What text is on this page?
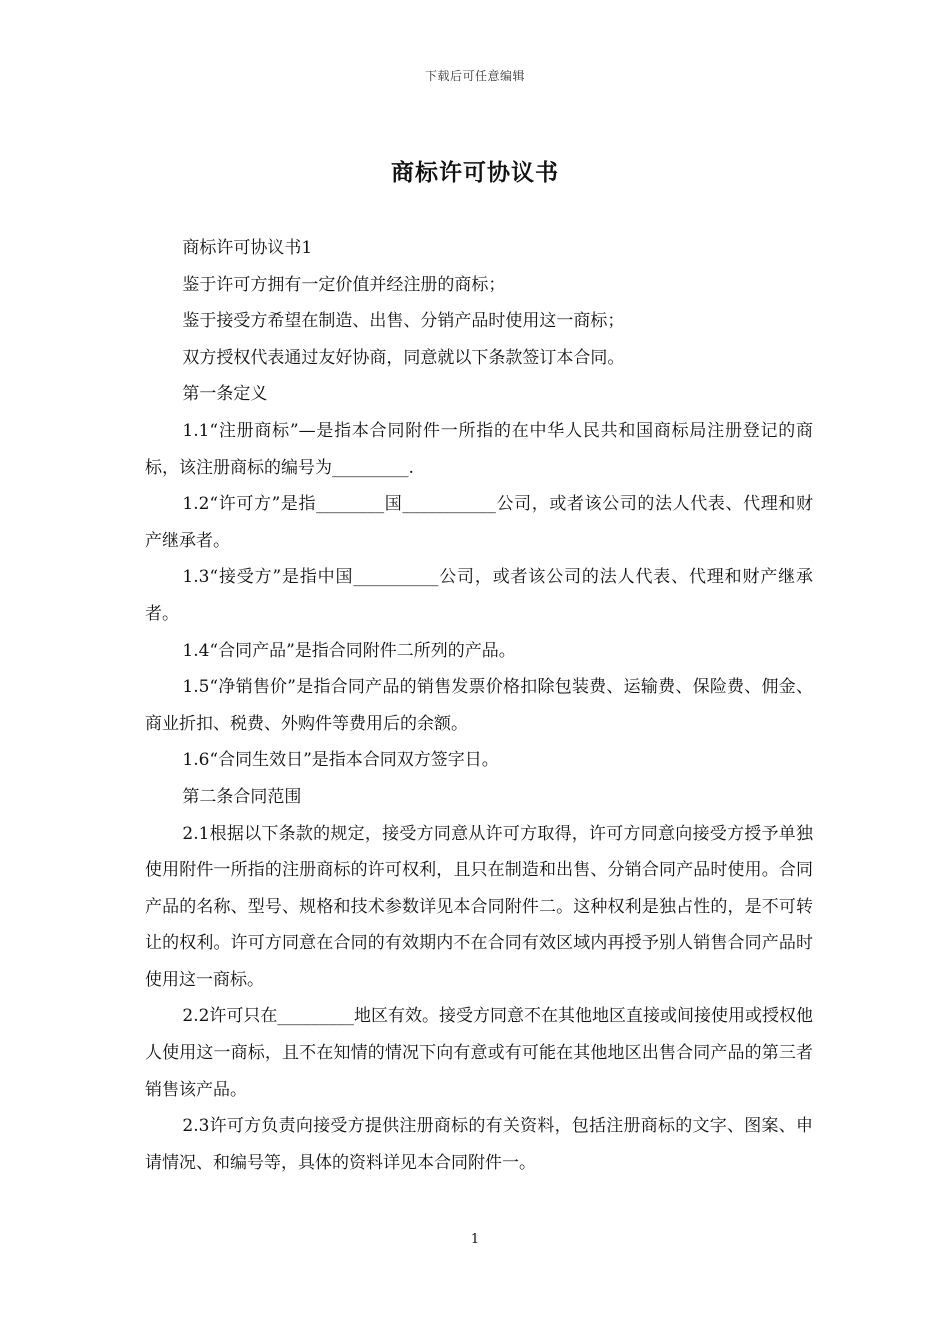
下载后可任意编辑
商标许可协议书

商标许可协议书1

鉴于许可方拥有一定价值并经注册的商标；

鉴于接受方希望在制造、出售、分销产品时使用这一商标；

双方授权代表通过友好协商，同意就以下条款签订本合同。

第一条定义

1.1“注册商标”—是指本合同附件一所指的在中华人民共和国商标局注册登记的商标，该注册商标的编号为_________.

1.2“许可方”是指________国___________公司，或者该公司的法人代表、代理和财产继承者。

1.3“接受方”是指中国__________公司，或者该公司的法人代表、代理和财产继承者。

1.4“合同产品”是指合同附件二所列的产品。

1.5“净销售价”是指合同产品的销售发票价格扣除包装费、运输费、保险费、佣金、商业折扣、税费、外购件等费用后的余额。

1.6“合同生效日”是指本合同双方签字日。

第二条合同范围

2.1根据以下条款的规定，接受方同意从许可方取得，许可方同意向接受方授予单独使用附件一所指的注册商标的许可权利，且只在制造和出售、分销合同产品时使用。合同产品的名称、型号、规格和技术参数详见本合同附件二。这种权利是独占性的，是不可转让的权利。许可方同意在合同的有效期内不在合同有效区域内再授予别人销售合同产品时使用这一商标。

2.2许可只在_________地区有效。接受方同意不在其他地区直接或间接使用或授权他人使用这一商标，且不在知情的情况下向有意或有可能在其他地区出售合同产品的第三者销售该产品。

2.3许可方负责向接受方提供注册商标的有关资料，包括注册商标的文字、图案、申请情况、和编号等，具体的资料详见本合同附件一。

1
